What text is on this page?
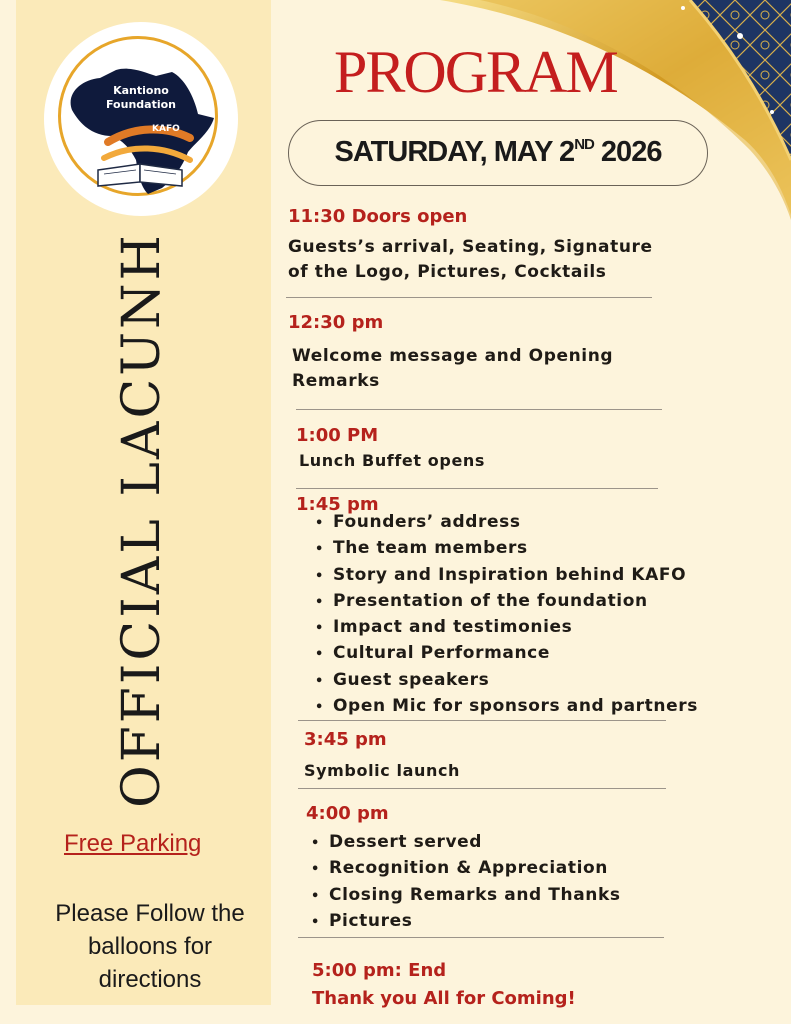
Kantiono
Foundation
KAFO
OFFICIAL LACUNH
Free Parking
Please Follow the balloons for directions
PROGRAM
SATURDAY, MAY 2ND 2026
11:30 Doors open
Guests’s arrival, Seating, Signature of the Logo, Pictures, Cocktails
12:30 pm
Welcome message and Opening Remarks
1:00 PM
Lunch Buffet opens
1:45 pm
• Founders’ address
• The team members
• Story and Inspiration behind KAFO
• Presentation of the foundation
• Impact and testimonies
• Cultural Performance
• Guest speakers
• Open Mic for sponsors and partners
3:45 pm
Symbolic launch
4:00 pm
• Dessert served
• Recognition & Appreciation
• Closing Remarks and Thanks
• Pictures
5:00 pm: End
Thank you All for Coming!
